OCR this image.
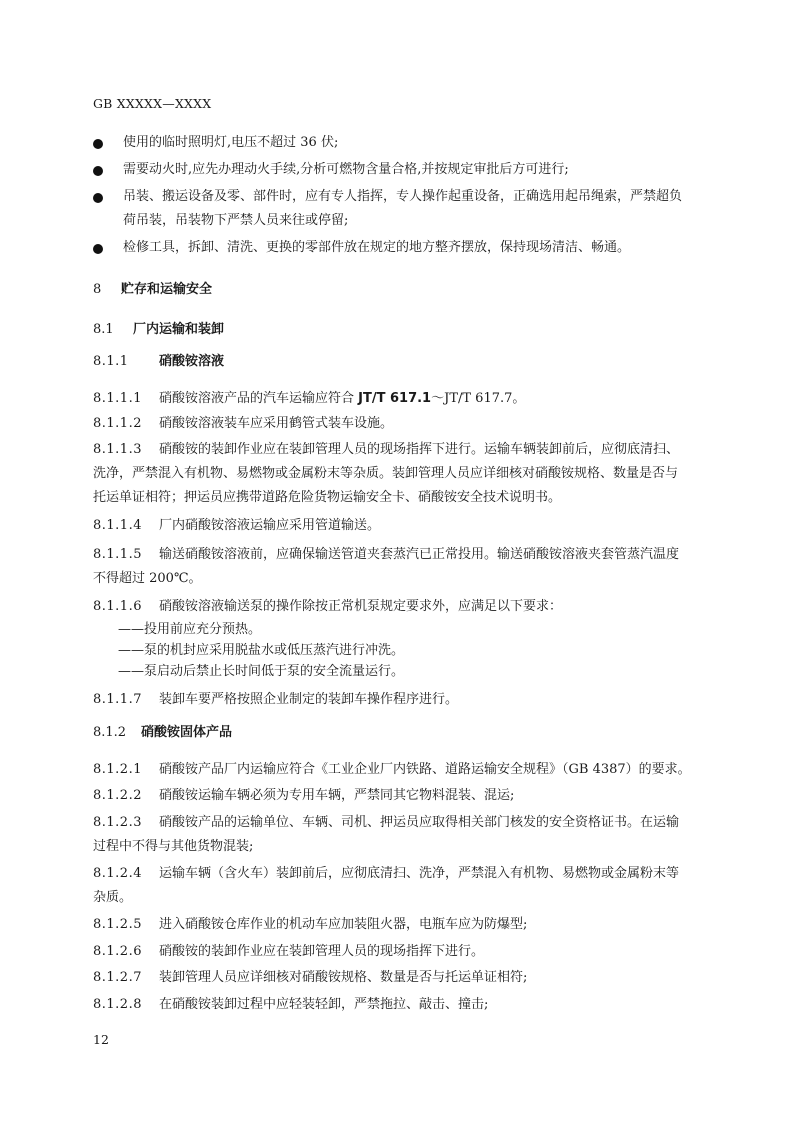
GB XXXXX—XXXX
使用的临时照明灯,电压不超过 36 伏;
需要动火时,应先办理动火手续,分析可燃物含量合格,并按规定审批后方可进行;
吊装、搬运设备及零、部件时，应有专人指挥，专人操作起重设备，正确选用起吊绳索，严禁超负
荷吊装，吊装物下严禁人员来往或停留;
检修工具，拆卸、清洗、更换的零部件放在规定的地方整齐摆放，保持现场清洁、畅通。
8 贮存和运输安全
8.1 厂内运输和装卸
8.1.1 硝酸铵溶液
8.1.1.1 硝酸铵溶液产品的汽车运输应符合 JT/T 617.1～JT/T 617.7。
8.1.1.2 硝酸铵溶液装车应采用鹤管式装车设施。
8.1.1.3 硝酸铵的装卸作业应在装卸管理人员的现场指挥下进行。运输车辆装卸前后，应彻底清扫、
洗净，严禁混入有机物、易燃物或金属粉末等杂质。装卸管理人员应详细核对硝酸铵规格、数量是否与
托运单证相符；押运员应携带道路危险货物运输安全卡、硝酸铵安全技术说明书。
8.1.1.4 厂内硝酸铵溶液运输应采用管道输送。
8.1.1.5 输送硝酸铵溶液前，应确保输送管道夹套蒸汽已正常投用。输送硝酸铵溶液夹套管蒸汽温度
不得超过 200℃。
8.1.1.6 硝酸铵溶液输送泵的操作除按正常机泵规定要求外，应满足以下要求：
——投用前应充分预热。
——泵的机封应采用脱盐水或低压蒸汽进行冲洗。
——泵启动后禁止长时间低于泵的安全流量运行。
8.1.1.7 装卸车要严格按照企业制定的装卸车操作程序进行。
8.1.2 硝酸铵固体产品
8.1.2.1 硝酸铵产品厂内运输应符合《工业企业厂内铁路、道路运输安全规程》（GB 4387）的要求。
8.1.2.2 硝酸铵运输车辆必须为专用车辆，严禁同其它物料混装、混运;
8.1.2.3 硝酸铵产品的运输单位、车辆、司机、押运员应取得相关部门核发的安全资格证书。在运输
过程中不得与其他货物混装;
8.1.2.4 运输车辆（含火车）装卸前后，应彻底清扫、洗净，严禁混入有机物、易燃物或金属粉末等
杂质。
8.1.2.5 进入硝酸铵仓库作业的机动车应加装阻火器，电瓶车应为防爆型;
8.1.2.6 硝酸铵的装卸作业应在装卸管理人员的现场指挥下进行。
8.1.2.7 装卸管理人员应详细核对硝酸铵规格、数量是否与托运单证相符;
8.1.2.8 在硝酸铵装卸过程中应轻装轻卸，严禁拖拉、敲击、撞击;
12
